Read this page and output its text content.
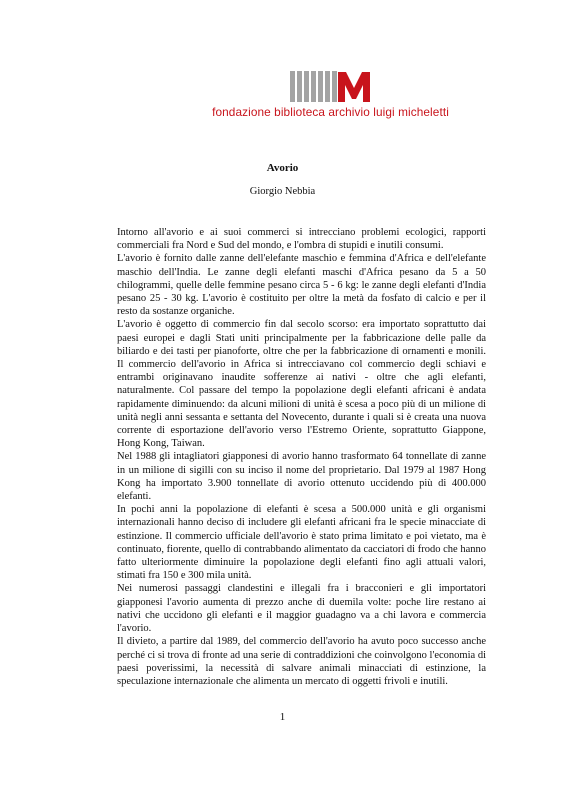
fondazione biblioteca archivio luigi micheletti
Avorio
Giorgio Nebbia

Intorno all'avorio e ai suoi commerci si intrecciano problemi ecologici, rapporti commerciali fra Nord e Sud del mondo, e l'ombra di stupidi e inutili consumi.

L'avorio è fornito dalle zanne dell'elefante maschio e femmina d'Africa e dell'elefante maschio dell'India. Le zanne degli elefanti maschi d'Africa pesano da 5 a 50 chilogrammi, quelle delle femmine pesano circa 5 - 6 kg: le zanne degli elefanti d'India pesano 25 - 30 kg. L'avorio è costituito per oltre la metà da fosfato di calcio e per il resto da sostanze organiche.

L'avorio è oggetto di commercio fin dal secolo scorso: era importato soprattutto dai paesi europei e dagli Stati uniti principalmente per la fabbricazione delle palle da biliardo e dei tasti per pianoforte, oltre che per la fabbricazione di ornamenti e monili. Il commercio dell'avorio in Africa si intrecciavano col commercio degli schiavi e entrambi originavano inaudite sofferenze ai nativi - oltre che agli elefanti, naturalmente. Col passare del tempo la popolazione degli elefanti africani è andata rapidamente diminuendo: da alcuni milioni di unità è scesa a poco più di un milione di unità negli anni sessanta e settanta del Novecento, durante i quali si è creata una nuova corrente di esportazione dell'avorio verso l'Estremo Oriente, soprattutto Giappone, Hong Kong, Taiwan.

Nel 1988 gli intagliatori giapponesi di avorio hanno trasformato 64 tonnellate di zanne in un milione di sigilli con su inciso il nome del proprietario. Dal 1979 al 1987 Hong Kong ha importato 3.900 tonnellate di avorio ottenuto uccidendo più di 400.000 elefanti.

In pochi anni la popolazione di elefanti è scesa a 500.000 unità e gli organismi internazionali hanno deciso di includere gli elefanti africani fra le specie minacciate di estinzione. Il commercio ufficiale dell'avorio è stato prima limitato e poi vietato, ma è continuato, fiorente, quello di contrabbando alimentato da cacciatori di frodo che hanno fatto ulteriormente diminuire la popolazione degli elefanti fino agli attuali valori, stimati fra 150 e 300 mila unità.

Nei numerosi passaggi clandestini e illegali fra i bracconieri e gli importatori giapponesi l'avorio aumenta di prezzo anche di duemila volte: poche lire restano ai nativi che uccidono gli elefanti e il maggior guadagno va a chi lavora e commercia l'avorio.

Il divieto, a partire dal 1989, del commercio dell'avorio ha avuto poco successo anche perché ci si trova di fronte ad una serie di contraddizioni che coinvolgono l'economia di paesi poverissimi, la necessità di salvare animali minacciati di estinzione, la speculazione internazionale che alimenta un mercato di oggetti frivoli e inutili.

1
